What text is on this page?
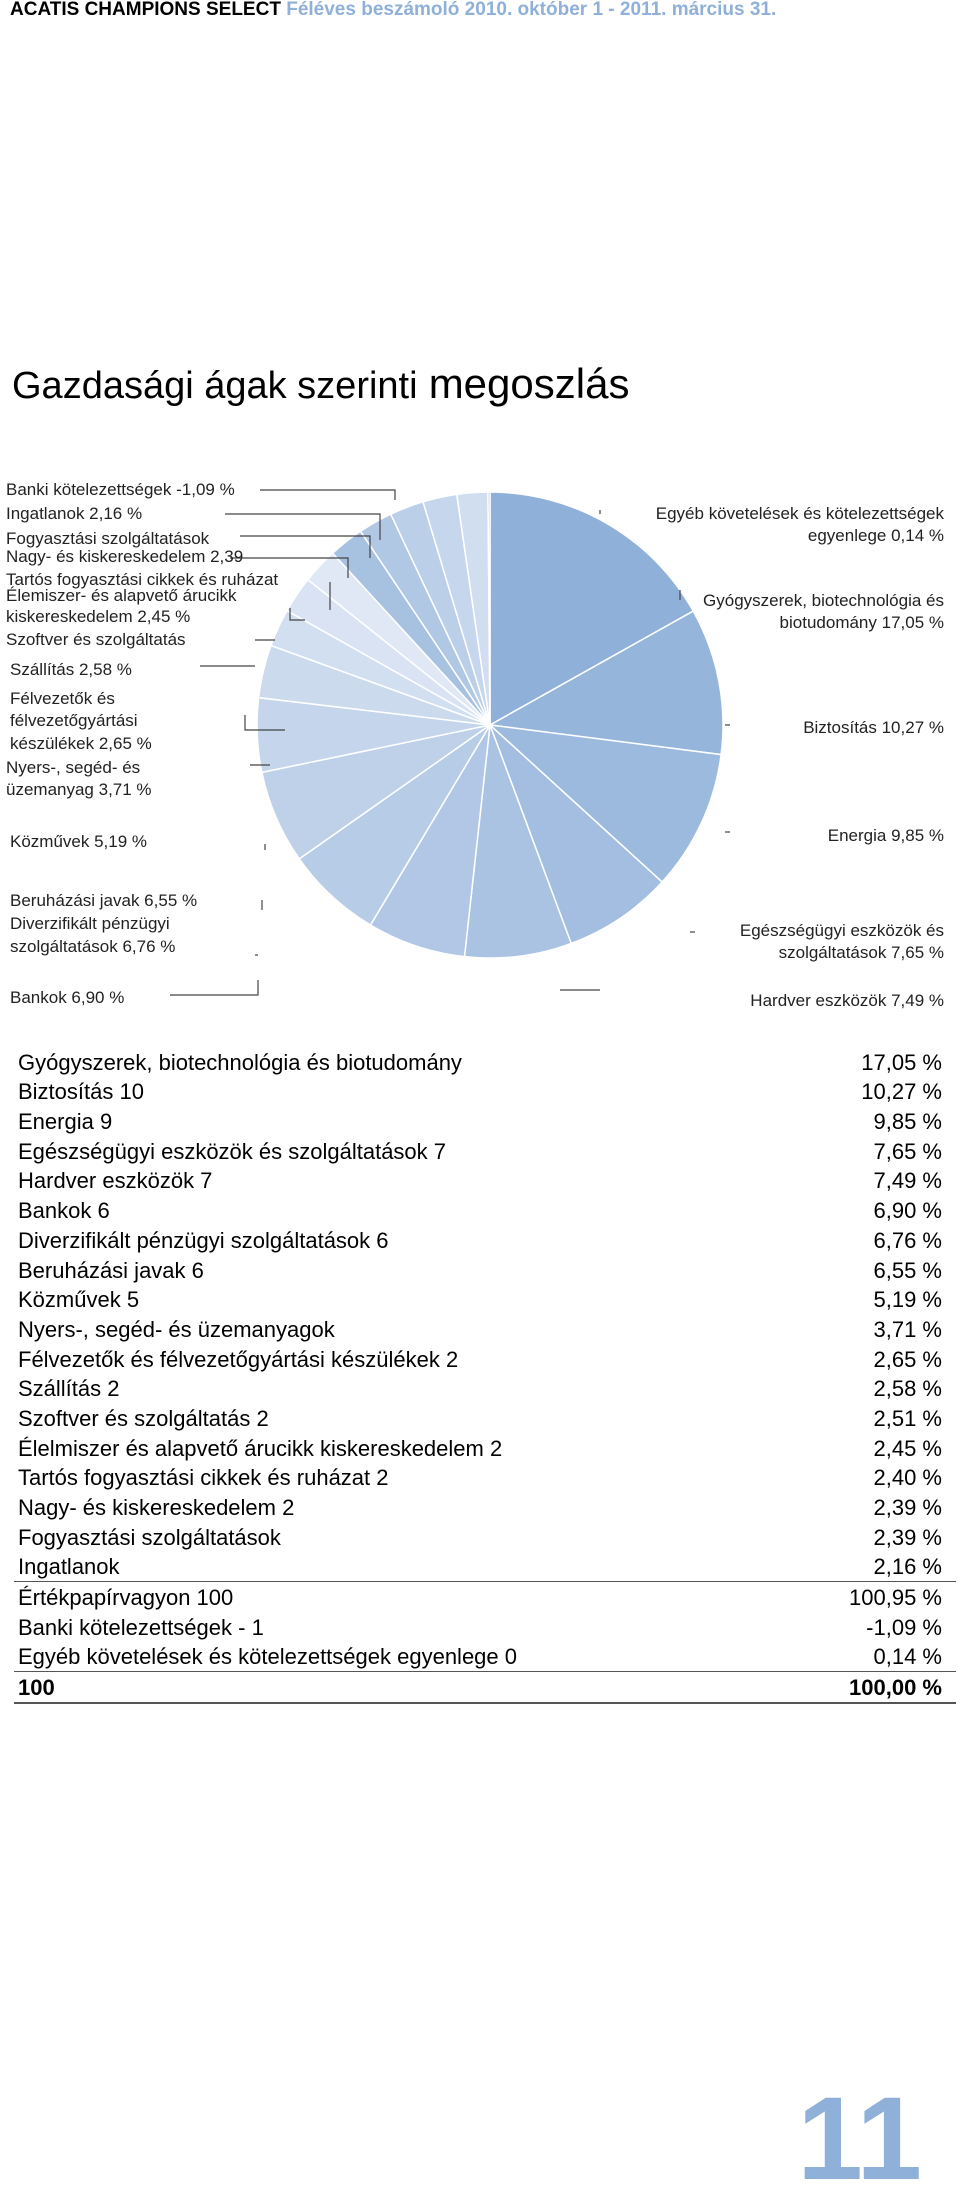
ACATIS CHAMPIONS SELECT Féléves beszámoló 2010. október 1 - 2011. március 31.
Gazdasági ágak szerinti megoszlás
Banki kötelezettségek -1,09 %
Ingatlanok 2,16 %
Fogyasztási szolgáltatások
Nagy- és kiskereskedelem 2,39
Tartós fogyasztási cikkek és ruházat
Élemiszer- és alapvető árucikk
kiskereskedelem 2,45 %
Szoftver és szolgáltatás
Szállítás 2,58 %
Félvezetők és
félvezetőgyártási
készülékek 2,65 %
Nyers-, segéd- és
üzemanyag 3,71 %
Közművek 5,19 %
Beruházási javak 6,55 %
Diverzifikált pénzügyi
szolgáltatások 6,76 %
Bankok 6,90 %
Egyéb követelések és kötelezettségek
egyenlege 0,14 %
Gyógyszerek, biotechnológia és
biotudomány 17,05 %
Biztosítás 10,27 %
Energia 9,85 %
Egészségügyi eszközök és
szolgáltatások 7,65 %
Hardver eszközök 7,49 %
Gyógyszerek, biotechnológia és biotudomány	17,05 %
Biztosítás 10	10,27 %
Energia 9	9,85 %
Egészségügyi eszközök és szolgáltatások 7	7,65 %
Hardver eszközök 7	7,49 %
Bankok 6	6,90 %
Diverzifikált pénzügyi szolgáltatások 6	6,76 %
Beruházási javak 6	6,55 %
Közművek 5	5,19 %
Nyers-, segéd- és üzemanyagok	3,71 %
Félvezetők és félvezetőgyártási készülékek 2	2,65 %
Szállítás 2	2,58 %
Szoftver és szolgáltatás 2	2,51 %
Élelmiszer és alapvető árucikk kiskereskedelem 2	2,45 %
Tartós fogyasztási cikkek és ruházat 2	2,40 %
Nagy- és kiskereskedelem 2	2,39 %
Fogyasztási szolgáltatások	2,39 %
Ingatlanok	2,16 %
Értékpapírvagyon 100	100,95 %
Banki kötelezettségek - 1	-1,09 %
Egyéb követelések és kötelezettségek egyenlege 0	0,14 %
100	100,00 %
11
